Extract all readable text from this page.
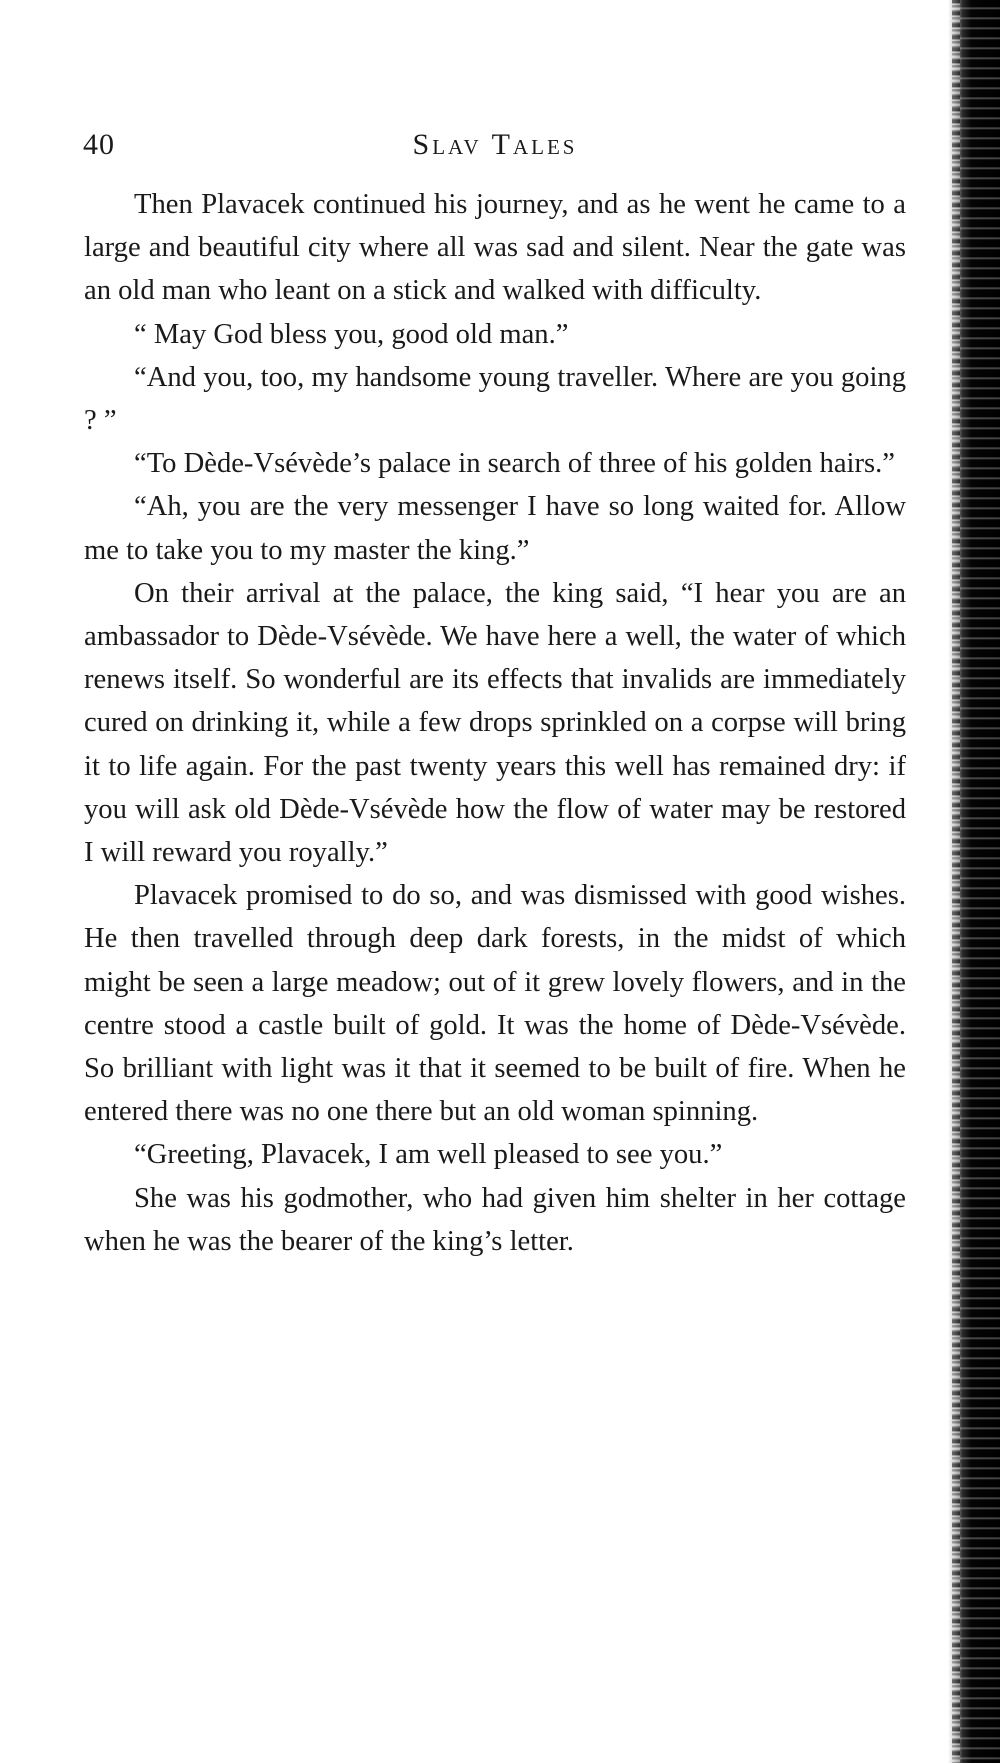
40	Slav Tales

Then Plavacek continued his journey, and as he went he came to a large and beautiful city where all was sad and silent. Near the gate was an old man who leant on a stick and walked with difficulty.

“ May God bless you, good old man.”

“And you, too, my handsome young traveller. Where are you going ? ”

“To Dède-Vsévède’s palace in search of three of his golden hairs.”

“Ah, you are the very messenger I have so long waited for. Allow me to take you to my master the king.”

On their arrival at the palace, the king said, “I hear you are an ambassador to Dède-Vsévède. We have here a well, the water of which renews itself. So wonderful are its effects that invalids are immediately cured on drinking it, while a few drops sprinkled on a corpse will bring it to life again. For the past twenty years this well has remained dry: if you will ask old Dède-Vsévède how the flow of water may be restored I will reward you royally.”

Plavacek promised to do so, and was dismissed with good wishes. He then travelled through deep dark forests, in the midst of which might be seen a large meadow; out of it grew lovely flowers, and in the centre stood a castle built of gold. It was the home of Dède-Vsévède. So brilliant with light was it that it seemed to be built of fire. When he entered there was no one there but an old woman spinning.

“Greeting, Plavacek, I am well pleased to see you.”

She was his godmother, who had given him shelter in her cottage when he was the bearer of the king’s letter.
